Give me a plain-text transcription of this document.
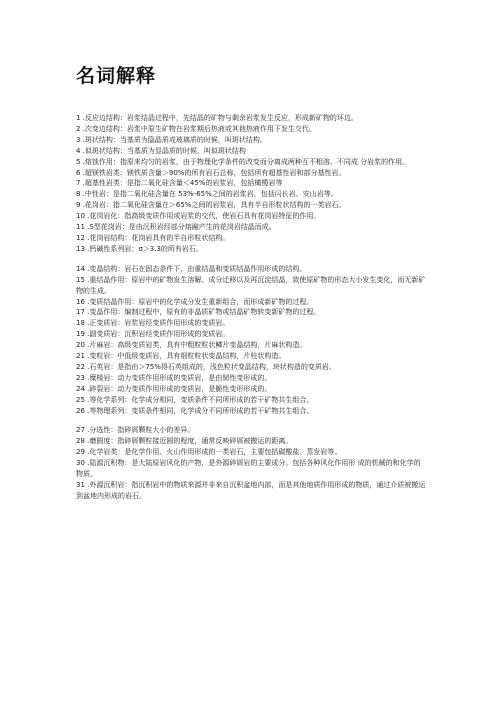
名词解释

1 .反应边结构：岩浆结晶过程中，先结晶的矿物与剩余岩浆发生反应，形成新矿物的环边。

2 .次变边结构：岩浆中原生矿物在岩浆期后热液或其他热液作用下发生交代。

3 .斑状结构：当基质为隐晶质或玻璃质的时候，叫斑状结构。

4 .似斑状结构：当基质为显晶质的时候，叫似斑状结构

5 .熔蚀作用：指原来均匀的岩浆，由于物理化学条件的改变而分离成两种互不相溶、不同成 分岩浆的作用。

6 .超镁铁岩类：镁铁质含量＞90%的所有岩石总称，包括所有超基性岩和部分基性岩。

7 .超基性岩类：是指二氧化硅含量＜45%的岩浆岩，包括橄榄岩等

8 .中性岩：是指二氧化硅含量在 53%-65%之间的岩浆岩，包括闪长岩、安山岩等。

9 .花岗岩：指二氧化硅含量在＞65%之间的岩浆岩，具有半自形粒状结构的一类岩石。

10 .花岗岩化：指高级变质作用或岩浆的交代，使岩石具有花岗岩特征的作用。

11 .S型花岗岩：是由沉积岩经部分熔融产生的花岗岩结晶而成。

12 .花岗岩结构：花岗岩具有的半自形粒状结构。

13 .钙碱性系列岩：σ＞3.3的所有岩石。

14 .变晶结构：岩石在固态条件下，由重结晶和变质结晶作用形成的结构。

15 .重结晶作用：原岩中的矿物发生溶解、成分迁移以及再沉淀结晶，致使原矿物的形态大小发生变化，而无新矿物的生成。

16 .变质结晶作用：原岩中的化学成分发生重新组合，而形成新矿物的过程。

17 .变晶作用：编制过程中，原有的非晶质矿物或结晶矿物转变新矿物的过程。

18 .正变质岩：岩浆岩经变质作用形成的变质岩。

19 .副变质岩：沉积岩经变质作用形成的变质岩。

20 .片麻岩：高级变质岩类，具有中粗粒粒状鳞片变晶结构，片麻状构造。

21 .变粒岩：中低级变质岩，具有细粒粒状变晶结构，片柱状构造。

22 .石英岩：是指由＞75%得石英组成的，浅色粒状变晶结构，块状构造的变质岩。

23 .糜棱岩：动力变质作用形成的变质岩，是由韧性变形成的。

24 .碎裂岩：动力变质作用形成的变质岩，是脆性变形形成的。

25 .等化学系列：化学成分相同，变质条件不同所形成的若干矿物共生组合。

26 .等物理系列：变质条件相同，化学成分不同所形成的若干矿物共生组合。

27 .分选性：指碎屑颗粒大小的差异。

28 .磨圆度：指碎屑颗粒接近圆的程度，通常反映碎屑被搬运的距离。

29 .化学岩类：是化学作用、火山作用形成的一类岩石，主要包括碳酸盐、蒸发岩等。

30 .陆源沉积物：是大陆原岩风化的产物，是外源碎屑岩的主要成分。包括各种风化作用形 成的机械的和化学的物质。

31 .外源沉积岩：指沉积岩中的物质来源并非来自沉积盆地内部，而是其他地质作用形成的物质，通过介质被搬运到盆地内形成的岩石。
